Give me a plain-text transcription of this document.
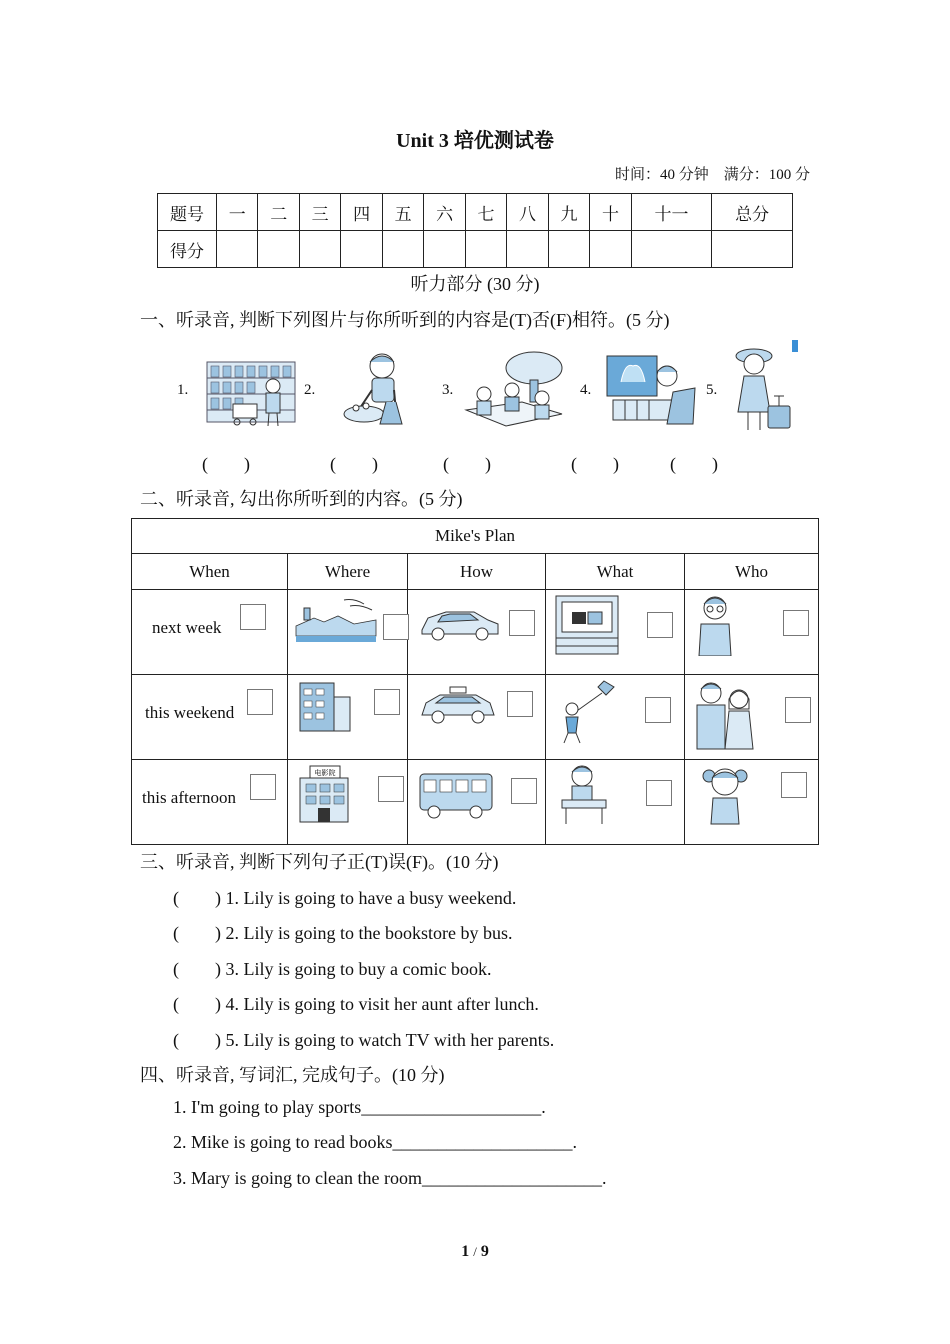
Unit 3 培优测试卷
时间：40 分钟　满分：100 分
题号	一	二	三	四	五	六	七	八	九	十	十一	总分
得分												
听力部分 (30 分)
一、听录音, 判断下列图片与你所听到的内容是(T)否(F)相符。(5 分)
1.	2.	3.	4.	5.
(　　)	(　　)	(　　)	(　　)	(　　)
二、听录音, 勾出你所听到的内容。(5 分)
Mike's Plan				
When	Where	How	What	Who

next week

this weekend

this afternoon	电影院

三、听录音, 判断下列句子正(T)误(F)。(10 分)
(　　) 1. Lily is going to have a busy weekend.
(　　) 2. Lily is going to the bookstore by bus.
(　　) 3. Lily is going to buy a comic book.
(　　) 4. Lily is going to visit her aunt after lunch.
(　　) 5. Lily is going to watch TV with her parents.
四、听录音, 写词汇, 完成句子。(10 分)
1. I'm going to play sports____________________.
2. Mike is going to read books____________________.
3. Mary is going to clean the room____________________.
1 / 9
